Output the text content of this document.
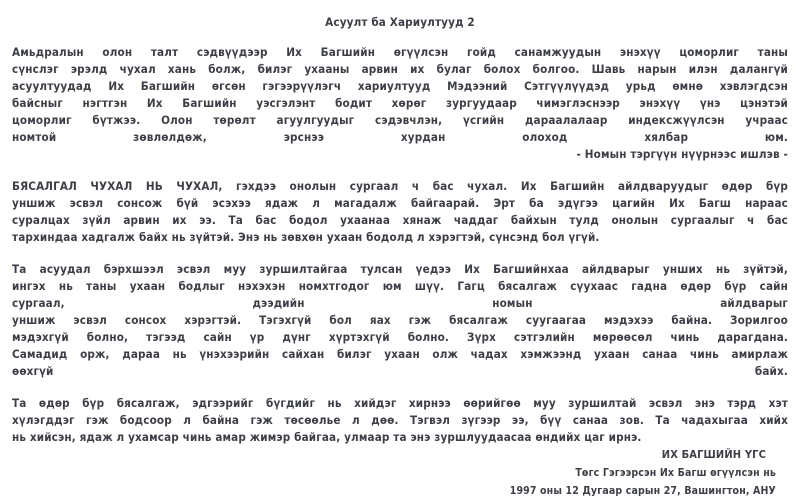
Асуулт ба Хариултууд 2
Амьдралын олон талт сэдвүүдээр Их Багшийн өгүүлсэн гойд санамжуудын энэхүү цоморлиг таны
сүнслэг эрэлд чухал хань болж, билэг ухааны арвин их булаг болох болгоо. Шавь нарын илэн далангүй
асуултуудад Их Багшийн өгсөн гэгээрүүлэгч хариултууд Мэдээний Сэтгүүлүүдэд урьд өмнө хэвлэгдсэн
байсныг нэгтгэн Их Багшийн уэсгэлэнт бодит хөрөг зургуудаар чимэглэснээр энэхүү үнэ цэнэтэй
цоморлиг бүтжээ. Олон төрөлт агуулгуудыг сэдэвчлэн, үсгийн дараалалаар индексжүүлсэн учраас
номтой зөвлөлдөж, эрснээ хурдан олоход хялбар юм.
- Номын тэргүүн нүүрнээс ишлэв -
БЯСАЛГАЛ ЧУХАЛ НЬ ЧУХАЛ, гэхдээ онолын сургаал ч бас чухал. Их Багшийн айлдваруудыг өдөр бүр
уншиж эсвэл сонсож бүй эсэхээ ядаж л магадалж байгаарай. Эрт ба эдүгээ цагийн Их Багш нараас
суралцах зүйл арвин их ээ. Та бас бодол ухаанаа хянаж чаддаг байхын тулд онолын сургаалыг ч бас
тархиндаа хадгалж байх нь зүйтэй. Энэ нь зөвхөн ухаан бодолд л хэрэгтэй, сүнсэнд бол үгүй.
Та асуудал бэрхшээл эсвэл муу зуршилтайгаа тулсан үедээ Их Багшийнхаа айлдварыг уншиx нь зүйтэй,
ингэх нь таны ухаан бодлыг нэхэхэн номхтгодог юм шүү. Гагц бясалгаж сүухаас гадна өдөр бүр сайн
сургаал, дээдийн номын айлдварыг
уншиж эсвэл сонсох хэрэгтэй. Тэгэхгүй бол яах гэж бясалгаж суугаагаа мэдэхээ байна. Зорилгоо
мэдэхгүй болно, тэгээд сайн үр дүнг хүртэхгүй болно. Зүрх сэтгэлийн мөрөөсөл чинь дарагдана.
Самадид орж, дараа нь үнэхээрийн сайхан билэг ухаан олж чадах хэмжээнд ухаан санаа чинь амирлаж
өөхгүй байх.
Та өдөр бүр бясалгаж, эдгээрийг бүгдийг нь хийдэг хирнээ өөрийгөө муу зуршилтай эсвэл энэ тэрд хэт
хүлэгддэг гэж бодсоор л байна гэж төсөөлье л дөө. Тэгвэл зүгээр ээ, бүү санаа зов. Та чадахыгаа хийх
нь хийсэн, ядаж л ухамсар чинь амар жимэр байгаа, улмаар та энэ зуршлуудаасаа өндийх цаг ирнэ.
ИХ БАГШИЙН ҮГС
Төгс Гэгээрсэн Их Багш өгүүлсэн нь
1997 оны 12 Дугаар сарын 27, Вашингтон, АНУ
